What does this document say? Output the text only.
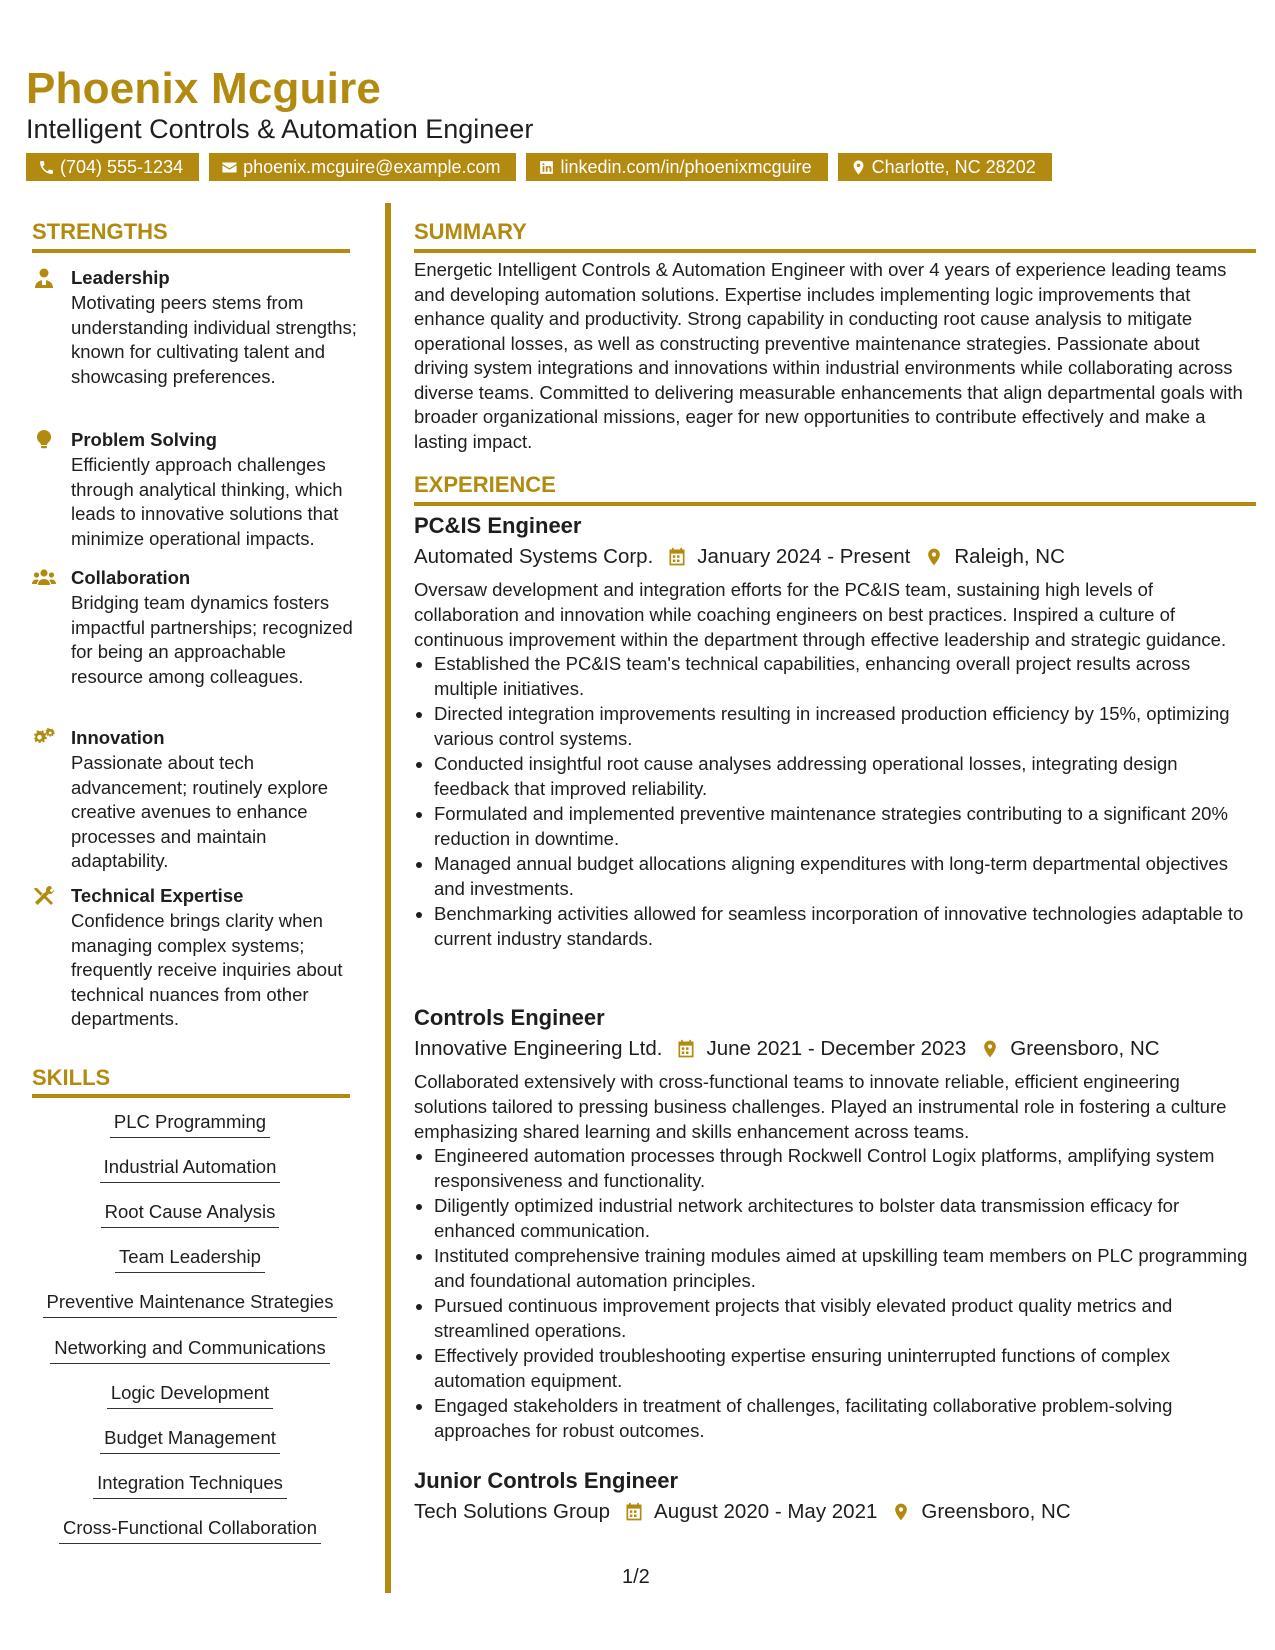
Phoenix Mcguire
Intelligent Controls & Automation Engineer
(704) 555-1234	phoenix.mcguire@example.com	linkedin.com/in/phoenixmcguire	Charlotte, NC 28202
STRENGTHS
Leadership
Motivating peers stems from understanding individual strengths; known for cultivating talent and showcasing preferences.
Problem Solving
Efficiently approach challenges through analytical thinking, which leads to innovative solutions that minimize operational impacts.
Collaboration
Bridging team dynamics fosters impactful partnerships; recognized for being an approachable resource among colleagues.
Innovation
Passionate about tech advancement; routinely explore creative avenues to enhance processes and maintain adaptability.
Technical Expertise
Confidence brings clarity when managing complex systems; frequently receive inquiries about technical nuances from other departments.
SKILLS
PLC Programming
Industrial Automation
Root Cause Analysis
Team Leadership
Preventive Maintenance Strategies
Networking and Communications
Logic Development
Budget Management
Integration Techniques
Cross-Functional Collaboration
SUMMARY
Energetic Intelligent Controls & Automation Engineer with over 4 years of experience leading teams and developing automation solutions. Expertise includes implementing logic improvements that enhance quality and productivity. Strong capability in conducting root cause analysis to mitigate operational losses, as well as constructing preventive maintenance strategies. Passionate about driving system integrations and innovations within industrial environments while collaborating across diverse teams. Committed to delivering measurable enhancements that align departmental goals with broader organizational missions, eager for new opportunities to contribute effectively and make a lasting impact.
EXPERIENCE
PC&IS Engineer
Automated Systems Corp. January 2024 - Present Raleigh, NC
Oversaw development and integration efforts for the PC&IS team, sustaining high levels of collaboration and innovation while coaching engineers on best practices. Inspired a culture of continuous improvement within the department through effective leadership and strategic guidance.
Established the PC&IS team's technical capabilities, enhancing overall project results across multiple initiatives.
Directed integration improvements resulting in increased production efficiency by 15%, optimizing various control systems.
Conducted insightful root cause analyses addressing operational losses, integrating design feedback that improved reliability.
Formulated and implemented preventive maintenance strategies contributing to a significant 20% reduction in downtime.
Managed annual budget allocations aligning expenditures with long-term departmental objectives and investments.
Benchmarking activities allowed for seamless incorporation of innovative technologies adaptable to current industry standards.
Controls Engineer
Innovative Engineering Ltd. June 2021 - December 2023 Greensboro, NC
Collaborated extensively with cross-functional teams to innovate reliable, efficient engineering solutions tailored to pressing business challenges. Played an instrumental role in fostering a culture emphasizing shared learning and skills enhancement across teams.
Engineered automation processes through Rockwell Control Logix platforms, amplifying system responsiveness and functionality.
Diligently optimized industrial network architectures to bolster data transmission efficacy for enhanced communication.
Instituted comprehensive training modules aimed at upskilling team members on PLC programming and foundational automation principles.
Pursued continuous improvement projects that visibly elevated product quality metrics and streamlined operations.
Effectively provided troubleshooting expertise ensuring uninterrupted functions of complex automation equipment.
Engaged stakeholders in treatment of challenges, facilitating collaborative problem-solving approaches for robust outcomes.
Junior Controls Engineer
Tech Solutions Group August 2020 - May 2021 Greensboro, NC
1/2
